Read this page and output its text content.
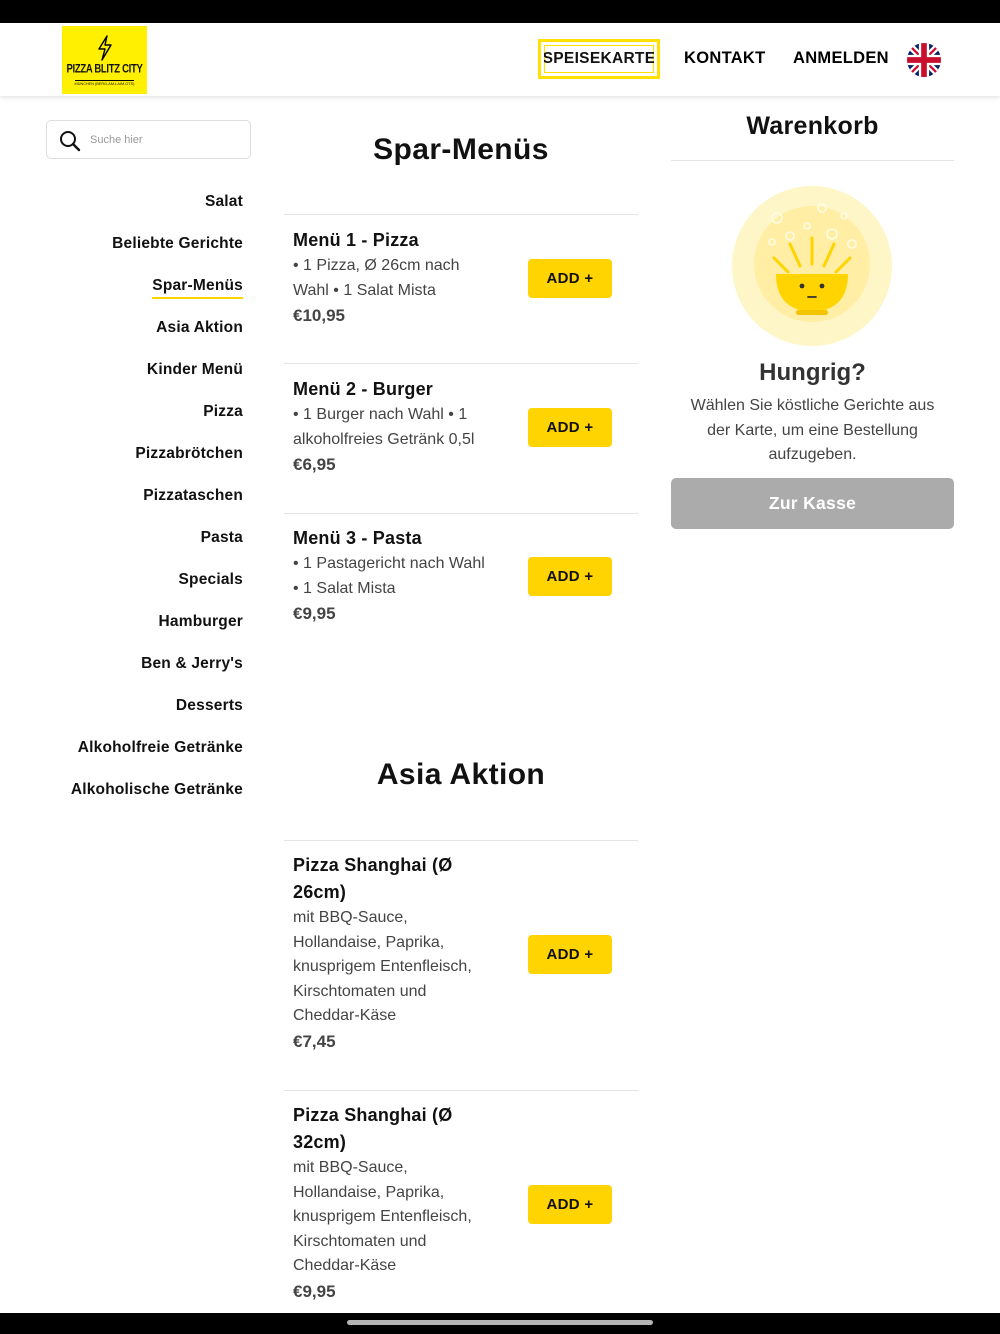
PIZZA BLITZ CITY
MÜNCHEN (BERG-AM-LAIM-OTS)
SPEISEKARTE KONTAKT ANMELDEN
Suche hier
Salat
Beliebte Gerichte
Spar-Menüs
Asia Aktion
Kinder Menü
Pizza
Pizzabrötchen
Pizzataschen
Pasta
Specials
Hamburger
Ben & Jerry's
Desserts
Alkoholfreie Getränke
Alkoholische Getränke
Spar-Menüs
Menü 1 - Pizza
• 1 Pizza, Ø 26cm nach
Wahl • 1 Salat Mista
€10,95
ADD +
Menü 2 - Burger
• 1 Burger nach Wahl • 1
alkoholfreies Getränk 0,5l
€6,95
ADD +
Menü 3 - Pasta
• 1 Pastagericht nach Wahl
• 1 Salat Mista
€9,95
ADD +
Asia Aktion
Pizza Shanghai (Ø
26cm)
mit BBQ-Sauce,
Hollandaise, Paprika,
knusprigem Entenfleisch,
Kirschtomaten und
Cheddar-Käse
€7,45
ADD +
Pizza Shanghai (Ø
32cm)
mit BBQ-Sauce,
Hollandaise, Paprika,
knusprigem Entenfleisch,
Kirschtomaten und
Cheddar-Käse
€9,95
ADD +
Warenkorb
Hungrig?
Wählen Sie köstliche Gerichte aus
der Karte, um eine Bestellung
aufzugeben.
Zur Kasse
